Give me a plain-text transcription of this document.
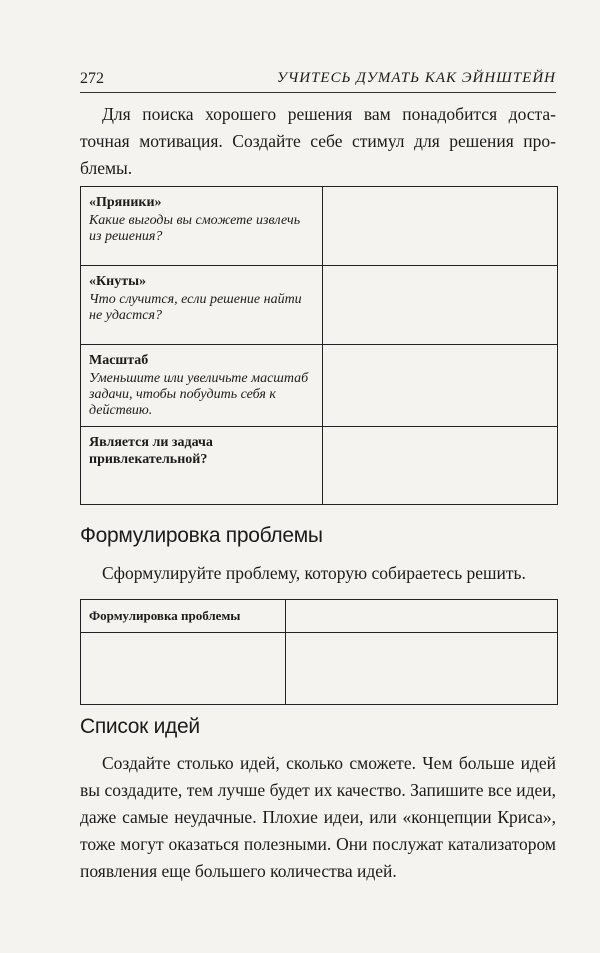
272	УЧИТЕСЬ ДУМАТЬ КАК ЭЙНШТЕЙН

Для поиска хорошего решения вам понадобится достаточная мотивация. Создайте себе стимул для решения проблемы.

«Пряники»
Какие выгоды вы сможете извлечь из решения?	

«Кнуты»
Что случится, если решение найти не удастся?	

Масштаб
Уменьшите или увеличьте масштаб задачи, чтобы побудить себя к действию.	

Является ли задача привлекательной?	

Формулировка проблемы

Сформулируйте проблему, которую собираетесь решить.

Формулировка проблемы	

Список идей

Создайте столько идей, сколько сможете. Чем больше идей вы создадите, тем лучше будет их качество. Запишите все идеи, даже самые неудачные. Плохие идеи, или «концепции Криса», тоже могут оказаться полезными. Они послужат катализатором появления еще большего количества идей.
